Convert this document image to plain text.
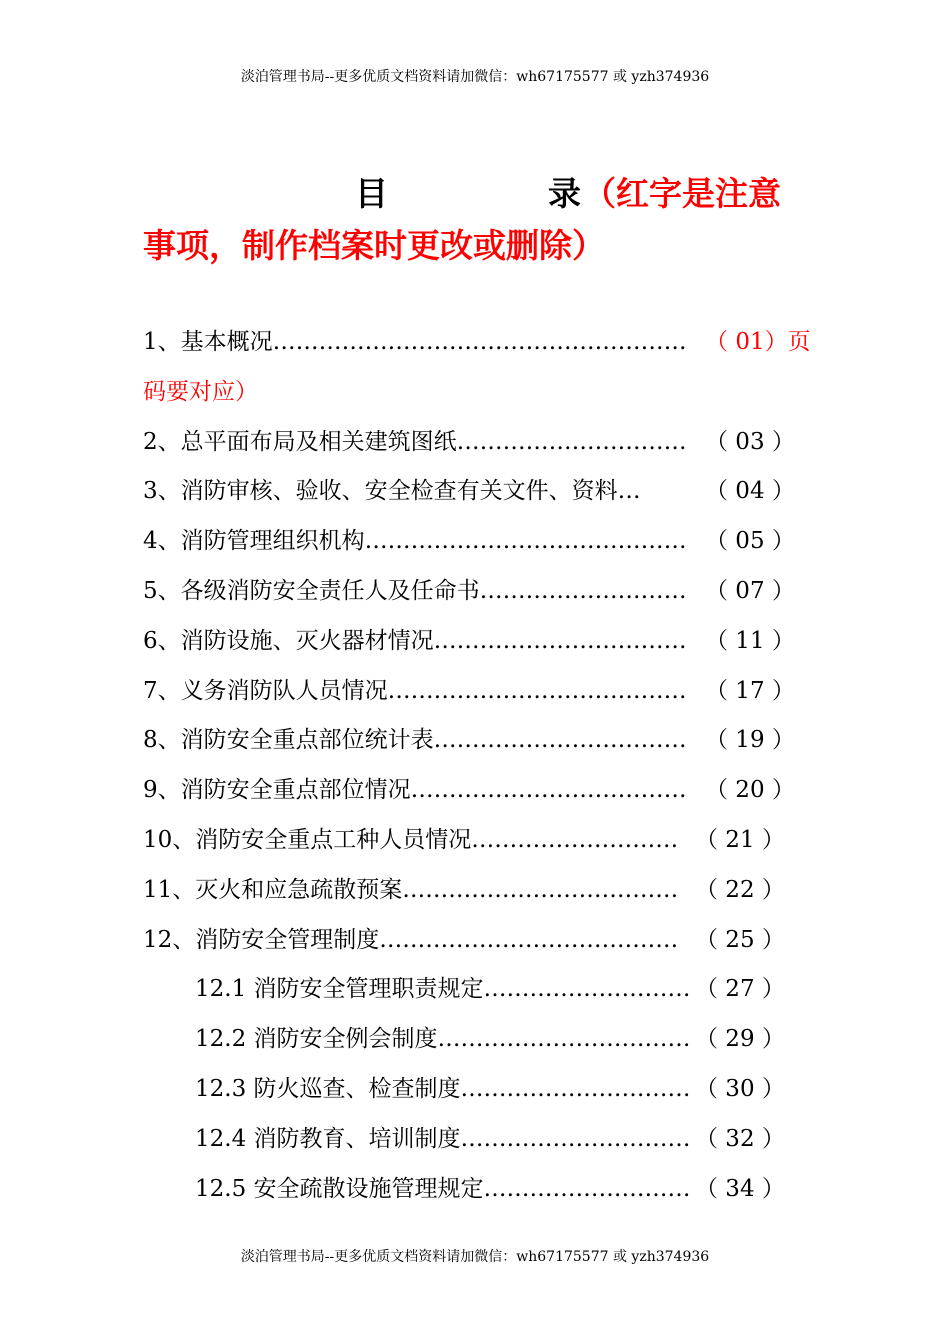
淡泊管理书局--更多优质文档资料请加微信：wh67175577 或 yzh374936
目	录 （红字是注意
事项，制作档案时更改或删除）
1、基本概况……………………………………………… （ 01）页
码要对应）
2、总平面布局及相关建筑图纸………………………… （ 03 ）
3、消防审核、验收、安全检查有关文件、资料…	（ 04 ）
4、消防管理组织机构…………………………………… （ 05 ）
5、各级消防安全责任人及任命书……………………… （ 07 ）
6、消防设施、灭火器材情况…………………………… （ 11 ）
7、义务消防队人员情况………………………………… （ 17 ）
8、消防安全重点部位统计表…………………………… （ 19 ）
9、消防安全重点部位情况……………………………… （ 20 ）
10、消防安全重点工种人员情况……………………… （ 21 ）
11、灭火和应急疏散预案……………………………… （ 22 ）
12、消防安全管理制度………………………………… （ 25 ）
12.1 消防安全管理职责规定……………………… （ 27 ）
12.2 消防安全例会制度…………………………… （ 29 ）
12.3 防火巡查、检查制度………………………… （ 30 ）
12.4 消防教育、培训制度………………………… （ 32 ）
12.5 安全疏散设施管理规定……………………… （ 34 ）
淡泊管理书局--更多优质文档资料请加微信：wh67175577 或 yzh374936
